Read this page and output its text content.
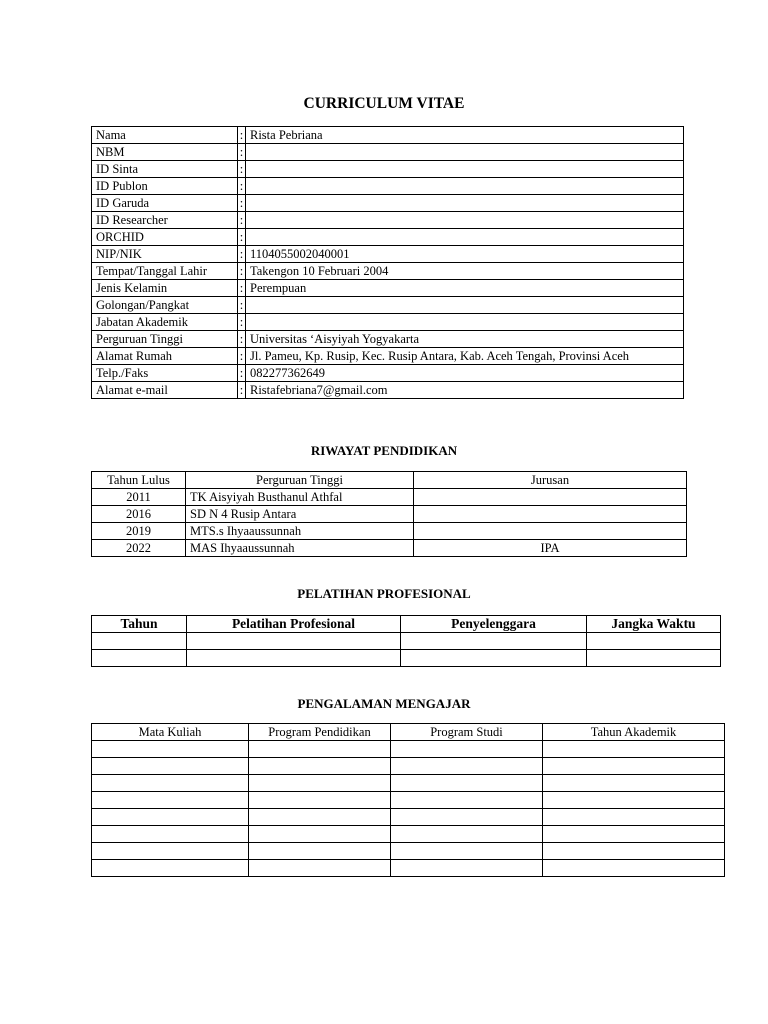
CURRICULUM VITAE
Nama	:	Rista Pebriana
NBM	:	
ID Sinta	:	
ID Publon	:	
ID Garuda	:	
ID Researcher	:	
ORCHID	:	
NIP/NIK	:	1104055002040001
Tempat/Tanggal Lahir	:	Takengon 10 Februari 2004
Jenis Kelamin	:	Perempuan
Golongan/Pangkat	:	
Jabatan Akademik	:	
Perguruan Tinggi	:	Universitas ‘Aisyiyah Yogyakarta
Alamat Rumah	:	Jl. Pameu, Kp. Rusip, Kec. Rusip Antara, Kab. Aceh Tengah, Provinsi Aceh
Telp./Faks	:	082277362649
Alamat e-mail	:	Ristafebriana7@gmail.com
RIWAYAT PENDIDIKAN
Tahun Lulus	Perguruan Tinggi	Jurusan
2011	TK Aisyiyah Busthanul Athfal	
2016	SD N 4 Rusip Antara	
2019	MTS.s Ihyaaussunnah	
2022	MAS Ihyaaussunnah	IPA
PELATIHAN PROFESIONAL
Tahun	Pelatihan Profesional	Penyelenggara	Jangka Waktu

PENGALAMAN MENGAJAR
Mata Kuliah	Program Pendidikan	Program Studi	Tahun Akademik
